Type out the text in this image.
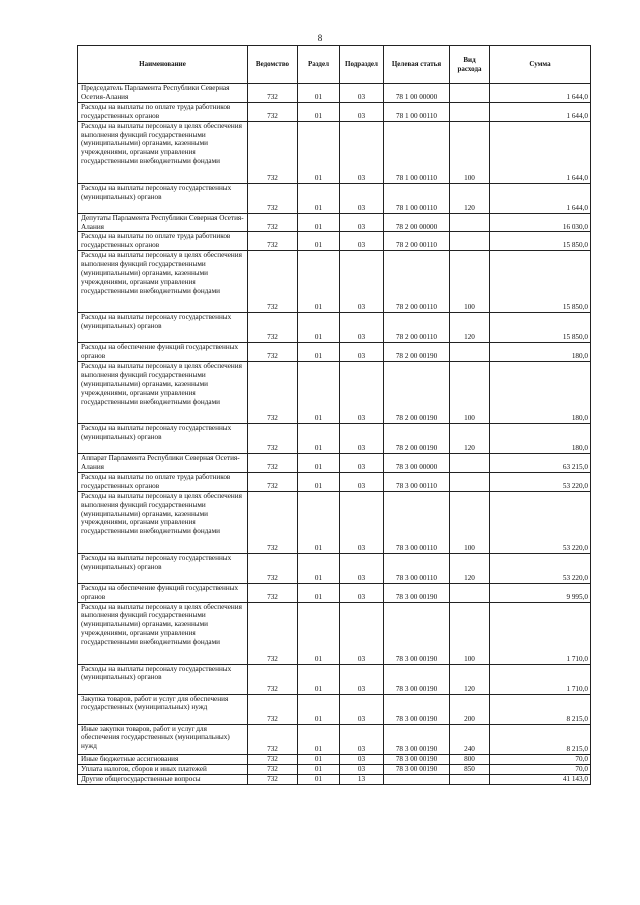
8
Наименование	Ведомство	Раздел	Подраздел	Целевая статья	Вид расхода	Сумма
Председатель Парламента Республики Северная Осетия-Алания	732	01	03	78 1 00 00000		1 644,0
Расходы на выплаты по оплате труда работников государственных органов	732	01	03	78 1 00 00110		1 644,0
Расходы на выплаты персоналу в целях обеспечения выполнения функций государственными (муниципальными) органами, казенными учреждениями, органами управления государственными внебюджетными фондами	732	01	03	78 1 00 00110	100	1 644,0
Расходы на выплаты персоналу государственных (муниципальных) органов	732	01	03	78 1 00 00110	120	1 644,0
Депутаты Парламента Республики Северная Осетия-Алания	732	01	03	78 2 00 00000		16 030,0
Расходы на выплаты по оплате труда работников государственных органов	732	01	03	78 2 00 00110		15 850,0
Расходы на выплаты персоналу в целях обеспечения выполнения функций государственными (муниципальными) органами, казенными учреждениями, органами управления государственными внебюджетными фондами	732	01	03	78 2 00 00110	100	15 850,0
Расходы на выплаты персоналу государственных (муниципальных) органов	732	01	03	78 2 00 00110	120	15 850,0
Расходы на обеспечение функций государственных органов	732	01	03	78 2 00 00190		180,0
Расходы на выплаты персоналу в целях обеспечения выполнения функций государственными (муниципальными) органами, казенными учреждениями, органами управления государственными внебюджетными фондами	732	01	03	78 2 00 00190	100	180,0
Расходы на выплаты персоналу государственных (муниципальных) органов	732	01	03	78 2 00 00190	120	180,0
Аппарат Парламента Республики Северная Осетия-Алания	732	01	03	78 3 00 00000		63 215,0
Расходы на выплаты по оплате труда работников государственных органов	732	01	03	78 3 00 00110		53 220,0
Расходы на выплаты персоналу в целях обеспечения выполнения функций государственными (муниципальными) органами, казенными учреждениями, органами управления государственными внебюджетными фондами	732	01	03	78 3 00 00110	100	53 220,0
Расходы на выплаты персоналу государственных (муниципальных) органов	732	01	03	78 3 00 00110	120	53 220,0
Расходы на обеспечение функций государственных органов	732	01	03	78 3 00 00190		9 995,0
Расходы на выплаты персоналу в целях обеспечения выполнения функций государственными (муниципальными) органами, казенными учреждениями, органами управления государственными внебюджетными фондами	732	01	03	78 3 00 00190	100	1 710,0
Расходы на выплаты персоналу государственных (муниципальных) органов	732	01	03	78 3 00 00190	120	1 710,0
Закупка товаров, работ и услуг для обеспечения государственных (муниципальных) нужд	732	01	03	78 3 00 00190	200	8 215,0
Иные закупки товаров, работ и услуг для обеспечения государственных (муниципальных) нужд	732	01	03	78 3 00 00190	240	8 215,0
Иные бюджетные ассигнования	732	01	03	78 3 00 00190	800	70,0
Уплата налогов, сборов и иных платежей	732	01	03	78 3 00 00190	850	70,0
Другие общегосударственные вопросы	732	01	13			41 143,0
